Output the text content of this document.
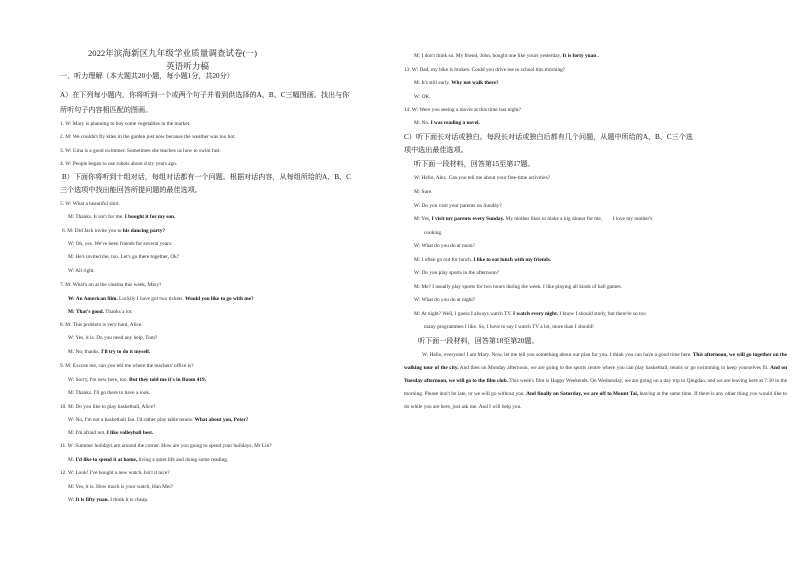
2022年滨海新区九年级学业质量调查试卷(一)
英语听力稿
一、听力理解（本大题共20小题，每小题1分，共20分）
A）在下列每小题内，你将听到一个或两个句子并看到供选择的A、B、C三幅图画。找出与你
所听句子内容相匹配的图画。
1. W: Mary is planning to buy some vegetables in the market.
2. M: We couldn't fly kites in the garden just now because the weather was too hot.
3. W: Gina is a good swimmer. Sometimes she teaches us how to swim fast.
4. W: People began to use robots about sixty years ago.
B）下面你将听到十组对话，每组对话都有一个问题。根据对话内容，从每组所给的A、B、C
三个选项中找出能回答所提问题的最佳选项。
5. W: What a beautiful shirt.
M: Thanks. It isn't for me. I bought it for my son.
6. M: Did Jack invite you to his dancing party?
W: Oh, yes. We've been friends for several years.
M: He's invited me, too. Let's go there together, Ok?
W: All right.
7. M: What's on at the cinema this week, Mary?
W: An American film. Luckily I have got two tickets. Would you like to go with me?
M: That's good. Thanks a lot.
8. M: This problem is very hard, Alice.
W: Yes, it is. Do you need any help, Tom?
M: No, thanks. I'll try to do it myself.
9. M: Excuse me, can you tell me where the teachers' office is?
W: Sorry, I'm new here, too. But they told me it's in Room 419.
M: Thanks. I'll go there to have a look.
10. M: Do you like to play basketball, Alice?
W: No, I'm not a basketball fan. I'd rather play table tennis. What about you, Peter?
M: I'm afraid not. I like volleyball best.
11. W: Summer holidays are around the corner. How are you going to spend your holidays, Mr Lin?
M: I'd like to spend it at home, living a quiet life and doing some reading.
12. W: Look! I've bought a new watch. Isn't it nice?
M: Yes, it is. How much is your watch, Han Mei?
W: It is fifty yuan. I think it is cheap.
M: I don't think so. My friend, John, bought one like yours yesterday. It is forty yuan .
13. W: Dad, my bike is broken. Could you drive me to school this morning?
M: It's still early. Why not walk there?
W: OK.
14. W: Were you seeing a movie at this time last night?
M: No. I was reading a novel.
C）听下面长对话或独白。每段长对话或独白后都有几个问题，从题中所给的A、B、C三个选
项中选出最佳选项。
听下面一段材料，回答第15至第17题。
W: Hello, Alex. Can you tell me about your free-time activities?
M: Sure.
W: Do you visit your parents on Sunday?
M: Yes, I visit my parents every Sunday. My mother likes to make a big dinner for me,        I love my mother's
cooking.
W: What do you do at noon?
M: I often go out for lunch. I like to eat lunch with my friends.
W: Do you play sports in the afternoon?
M: Me? I usually play sports for two hours during the week. I like playing all kinds of ball games.
W: What do you do at night?
M: At night? Well, I guess I always watch TV. I watch every night. I know I should study, but there're so too
many programmes I like. So, I have to say I watch TV a lot, more than I should!
听下面一段材料，回答第18至第20题。
W: Hello, everyone! I am Mary. Now, let me tell you something about our plan for you. I think you can have a good time here. This afternoon, we will go together on the walking tour of the city. And then on Monday afternoon, we are going to the sports centre where you can play basketball, tennis or go swimming to keep yourselves fit. And on Tuesday afternoon, we will go to the film club. This week's film is Happy Weekends. On Wednesday, we are going on a day trip to Qingdao, and we are leaving here at 7:30 in the morning. Please don't be late, or we will go without you. And finally on Saturday, we are off to Mount Tai, leaving at the same time. If there is any other thing you would like to do while you are here, just ask me. And I will help you.
